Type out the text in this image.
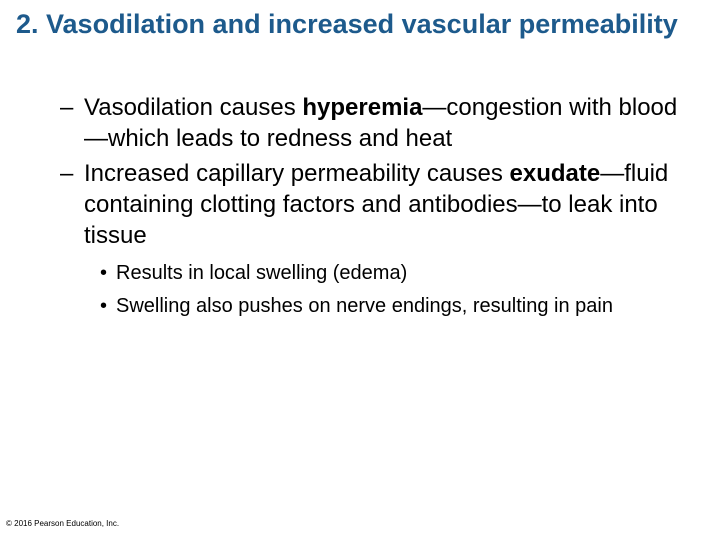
2. Vasodilation and increased vascular permeability
– Vasodilation causes hyperemia—congestion with blood—which leads to redness and heat
– Increased capillary permeability causes exudate—fluid containing clotting factors and antibodies—to leak into tissue
• Results in local swelling (edema)
• Swelling also pushes on nerve endings, resulting in pain
© 2016 Pearson Education, Inc.
